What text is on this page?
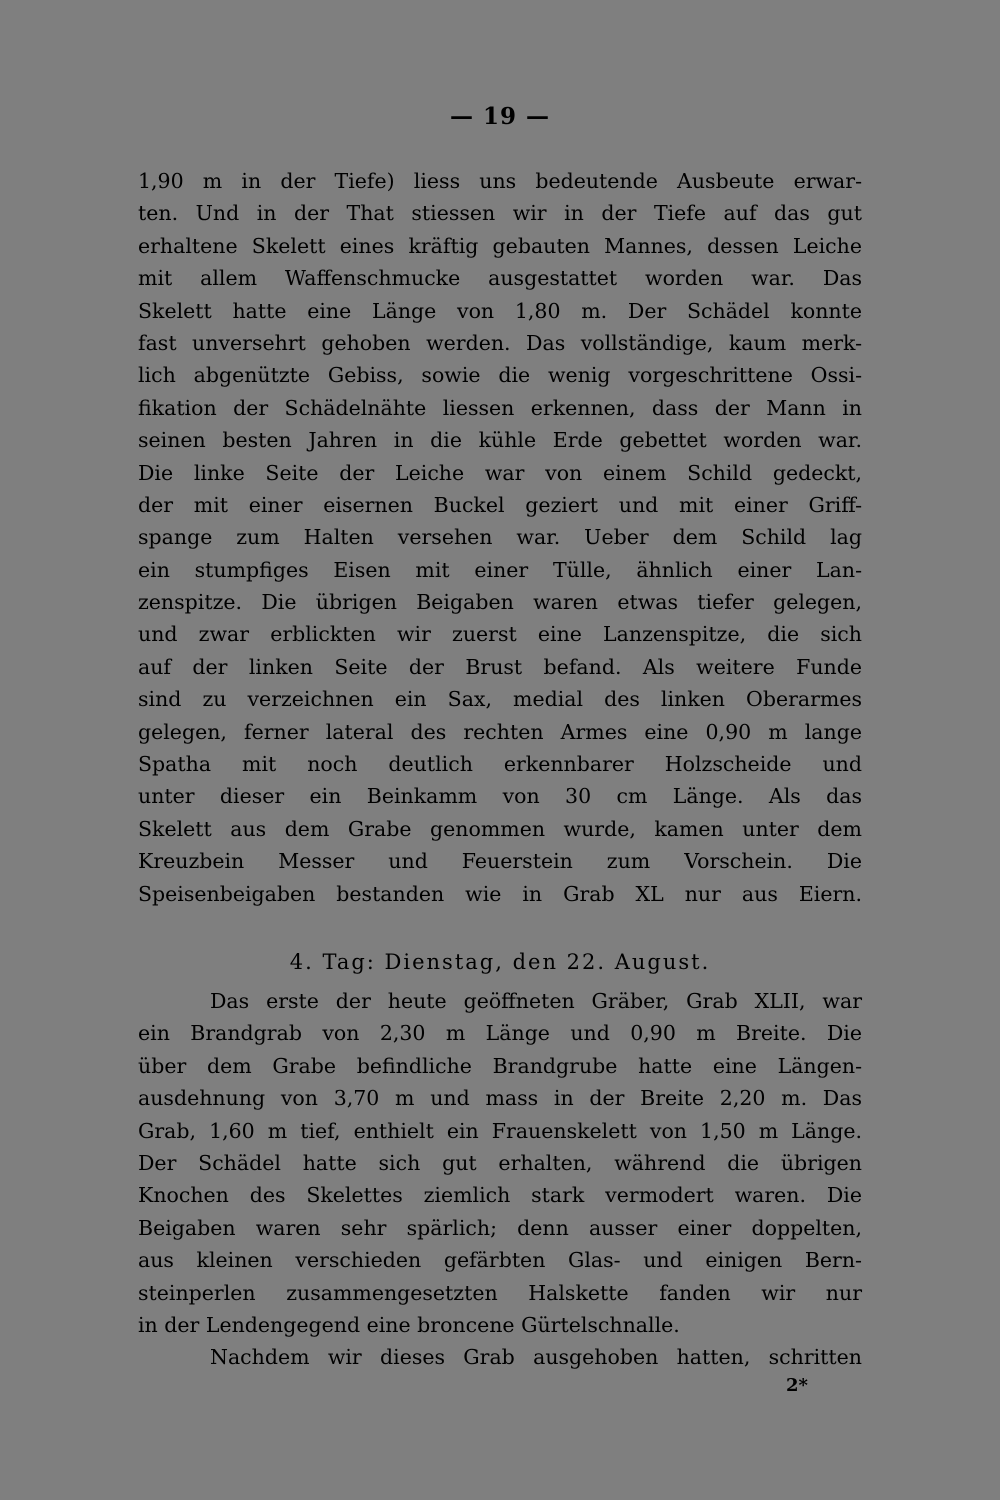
— 19 —
1,90 m in der Tiefe) liess uns bedeutende Ausbeute erwar-
ten. Und in der That stiessen wir in der Tiefe auf das gut
erhaltene Skelett eines kräftig gebauten Mannes, dessen Leiche
mit allem Waffenschmucke ausgestattet worden war. Das
Skelett hatte eine Länge von 1,80 m. Der Schädel konnte
fast unversehrt gehoben werden. Das vollständige, kaum merk-
lich abgenützte Gebiss, sowie die wenig vorgeschrittene Ossi-
fikation der Schädelnähte liessen erkennen, dass der Mann in
seinen besten Jahren in die kühle Erde gebettet worden war.
Die linke Seite der Leiche war von einem Schild gedeckt,
der mit einer eisernen Buckel geziert und mit einer Griff-
spange zum Halten versehen war. Ueber dem Schild lag
ein stumpfiges Eisen mit einer Tülle, ähnlich einer Lan-
zenspitze. Die übrigen Beigaben waren etwas tiefer gelegen,
und zwar erblickten wir zuerst eine Lanzenspitze, die sich
auf der linken Seite der Brust befand. Als weitere Funde
sind zu verzeichnen ein Sax, medial des linken Oberarmes
gelegen, ferner lateral des rechten Armes eine 0,90 m lange
Spatha mit noch deutlich erkennbarer Holzscheide und
unter dieser ein Beinkamm von 30 cm Länge. Als das
Skelett aus dem Grabe genommen wurde, kamen unter dem
Kreuzbein Messer und Feuerstein zum Vorschein. Die
Speisenbeigaben bestanden wie in Grab XL nur aus Eiern.
4. Tag: Dienstag, den 22. August.
Das erste der heute geöffneten Gräber, Grab XLII, war
ein Brandgrab von 2,30 m Länge und 0,90 m Breite. Die
über dem Grabe befindliche Brandgrube hatte eine Längen-
ausdehnung von 3,70 m und mass in der Breite 2,20 m. Das
Grab, 1,60 m tief, enthielt ein Frauenskelett von 1,50 m Länge.
Der Schädel hatte sich gut erhalten, während die übrigen
Knochen des Skelettes ziemlich stark vermodert waren. Die
Beigaben waren sehr spärlich; denn ausser einer doppelten,
aus kleinen verschieden gefärbten Glas- und einigen Bern-
steinperlen zusammengesetzten Halskette fanden wir nur
in der Lendengegend eine broncene Gürtelschnalle.
Nachdem wir dieses Grab ausgehoben hatten, schritten
2*
